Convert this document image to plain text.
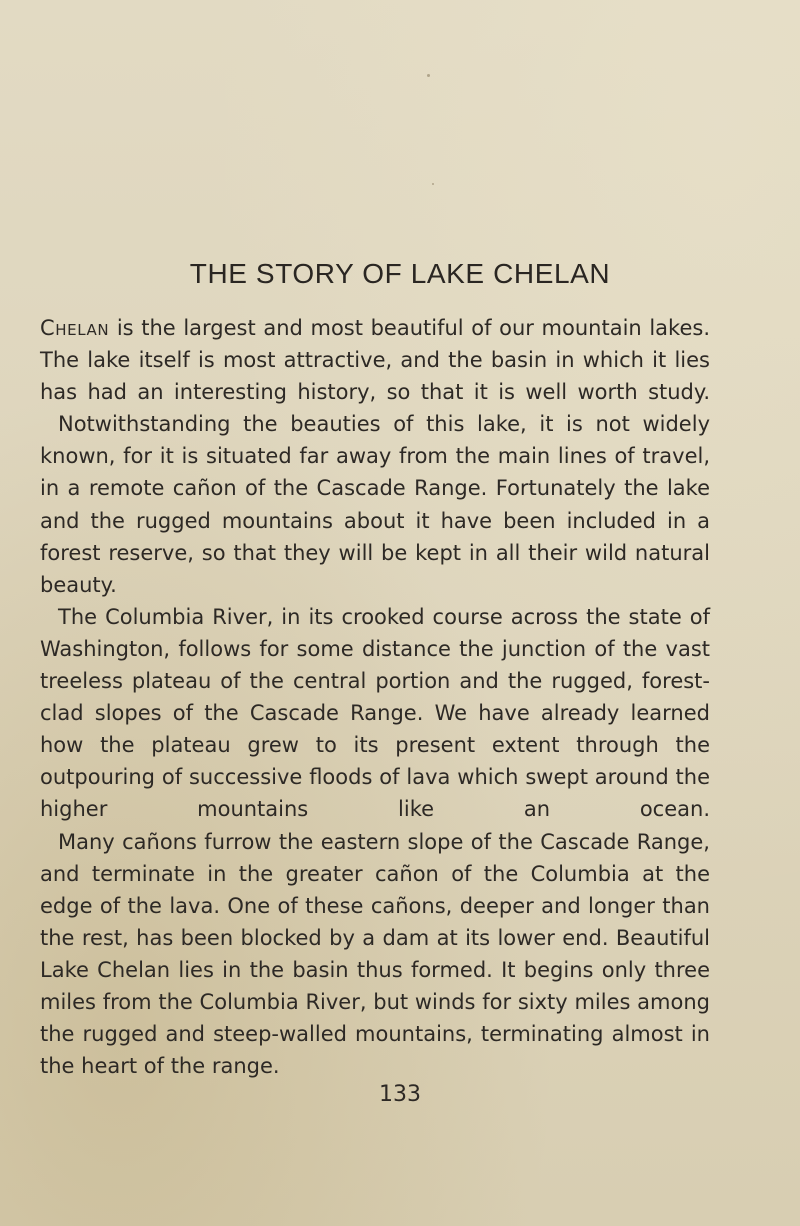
THE STORY OF LAKE CHELAN

Chelan is the largest and most beautiful of our mountain lakes. The lake itself is most attractive, and the basin in which it lies has had an interesting history, so that it is well worth study.

Notwithstanding the beauties of this lake, it is not widely known, for it is situated far away from the main lines of travel, in a remote cañon of the Cascade Range. Fortunately the lake and the rugged mountains about it have been included in a forest reserve, so that they will be kept in all their wild natural beauty.

The Columbia River, in its crooked course across the state of Washington, follows for some distance the junction of the vast treeless plateau of the central portion and the rugged, forest-clad slopes of the Cascade Range. We have already learned how the plateau grew to its present extent through the outpouring of successive floods of lava which swept around the higher mountains like an ocean.

Many cañons furrow the eastern slope of the Cascade Range, and terminate in the greater cañon of the Columbia at the edge of the lava. One of these cañons, deeper and longer than the rest, has been blocked by a dam at its lower end. Beautiful Lake Chelan lies in the basin thus formed. It begins only three miles from the Columbia River, but winds for sixty miles among the rugged and steep-walled mountains, terminating almost in the heart of the range.

133
